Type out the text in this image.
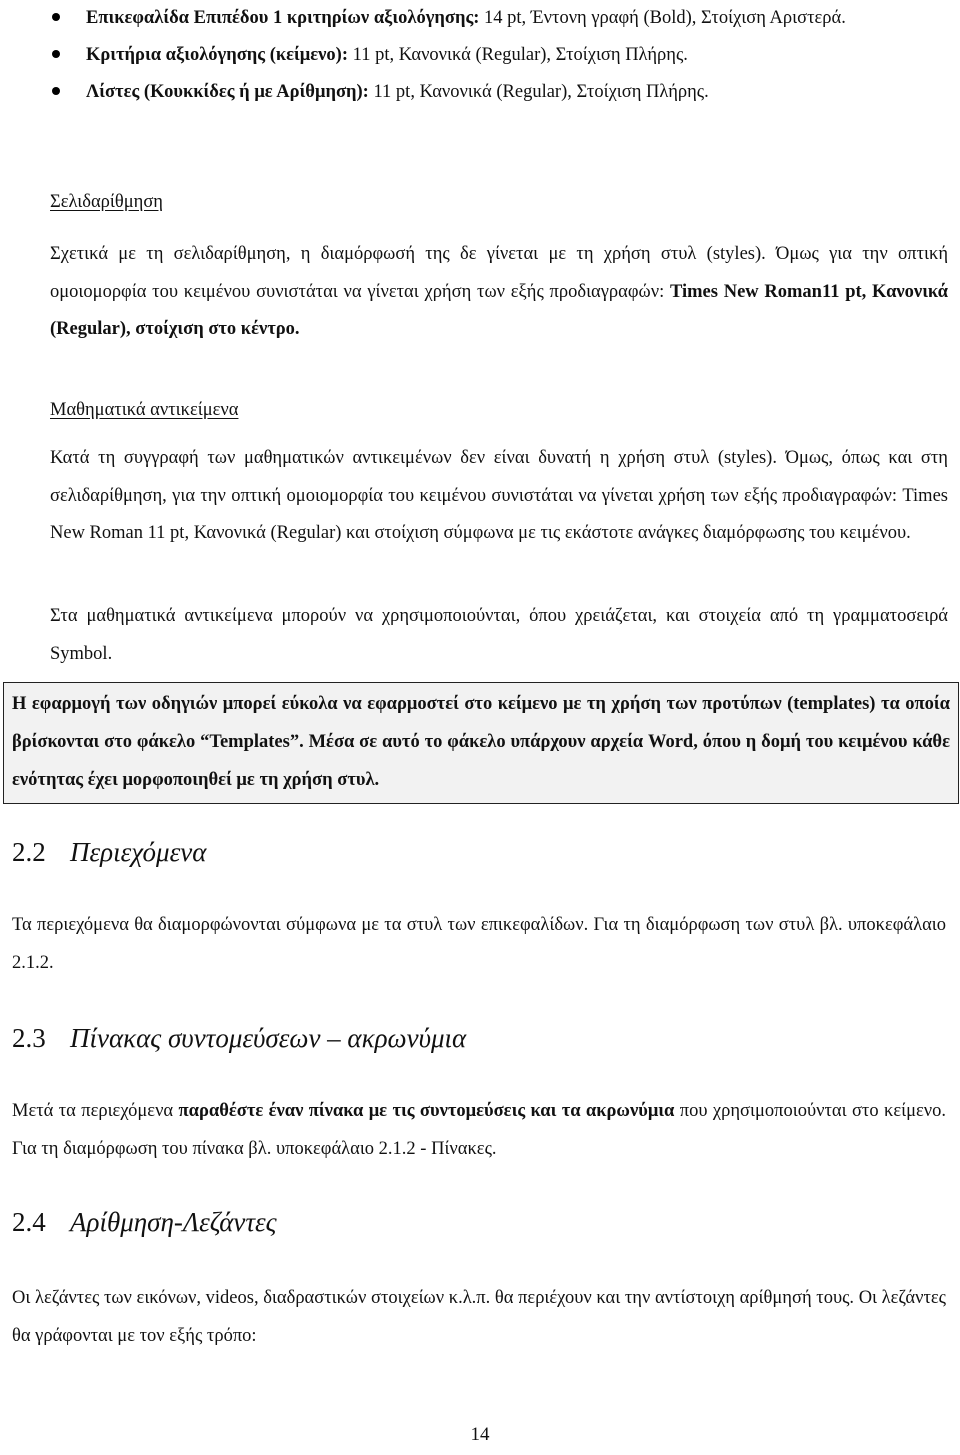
Επικεφαλίδα Επιπέδου 1 κριτηρίων αξιολόγησης: 14 pt, Έντονη γραφή (Bold), Στοίχιση Αριστερά.
Κριτήρια αξιολόγησης (κείμενο): 11 pt, Κανονικά (Regular), Στοίχιση Πλήρης.
Λίστες (Κουκκίδες ή με Αρίθμηση): 11 pt, Κανονικά (Regular), Στοίχιση Πλήρης.
Σελιδαρίθμηση
Σχετικά με τη σελιδαρίθμηση, η διαμόρφωσή της δε γίνεται με τη χρήση στυλ (styles). Όμως για την οπτική ομοιομορφία του κειμένου συνιστάται να γίνεται χρήση των εξής προδιαγραφών: Times New Roman11 pt, Κανονικά (Regular), στοίχιση στο κέντρο.
Μαθηματικά αντικείμενα
Κατά τη συγγραφή των μαθηματικών αντικειμένων δεν είναι δυνατή η χρήση στυλ (styles). Όμως, όπως και στη σελιδαρίθμηση, για την οπτική ομοιομορφία του κειμένου συνιστάται να γίνεται χρήση των εξής προδιαγραφών: Times New Roman 11 pt, Κανονικά (Regular) και στοίχιση σύμφωνα με τις εκάστοτε ανάγκες διαμόρφωσης του κειμένου.
Στα μαθηματικά αντικείμενα μπορούν να χρησιμοποιούνται, όπου χρειάζεται, και στοιχεία από τη γραμματοσειρά Symbol.
Η εφαρμογή των οδηγιών μπορεί εύκολα να εφαρμοστεί στο κείμενο με τη χρήση των προτύπων (templates) τα οποία βρίσκονται στο φάκελο “Templates”. Μέσα σε αυτό το φάκελο υπάρχουν αρχεία Word, όπου η δομή του κειμένου κάθε ενότητας έχει μορφοποιηθεί με τη χρήση στυλ.
2.2 Περιεχόμενα
Τα περιεχόμενα θα διαμορφώνονται σύμφωνα με τα στυλ των επικεφαλίδων. Για τη διαμόρφωση των στυλ βλ. υποκεφάλαιο 2.1.2.
2.3 Πίνακας συντομεύσεων – ακρωνύμια
Μετά τα περιεχόμενα παραθέστε έναν πίνακα με τις συντομεύσεις και τα ακρωνύμια που χρησιμοποιούνται στο κείμενο. Για τη διαμόρφωση του πίνακα βλ. υποκεφάλαιο 2.1.2 - Πίνακες.
2.4 Αρίθμηση-Λεζάντες
Οι λεζάντες των εικόνων, videos, διαδραστικών στοιχείων κ.λ.π. θα περιέχουν και την αντίστοιχη αρίθμησή τους. Οι λεζάντες θα γράφονται με τον εξής τρόπο:
14
